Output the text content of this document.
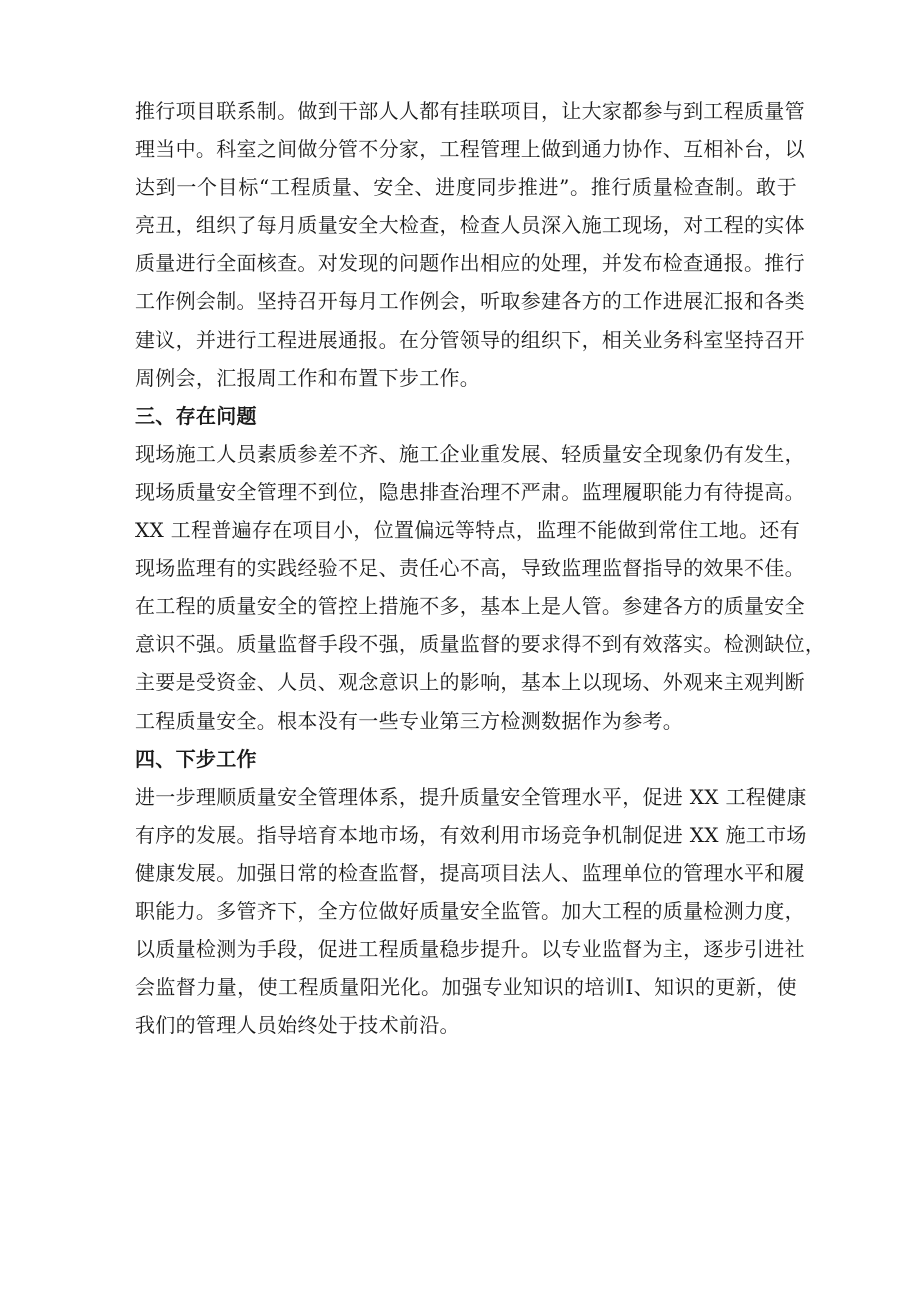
推行项目联系制。做到干部人人都有挂联项目，让大家都参与到工程质量管
理当中。科室之间做分管不分家，工程管理上做到通力协作、互相补台，以
达到一个目标“工程质量、安全、进度同步推进”。推行质量检查制。敢于
亮丑，组织了每月质量安全大检查，检查人员深入施工现场，对工程的实体
质量进行全面核查。对发现的问题作出相应的处理，并发布检查通报。推行
工作例会制。坚持召开每月工作例会，听取参建各方的工作进展汇报和各类
建议，并进行工程进展通报。在分管领导的组织下，相关业务科室坚持召开
周例会，汇报周工作和布置下步工作。

三、存在问题

现场施工人员素质参差不齐、施工企业重发展、轻质量安全现象仍有发生，
现场质量安全管理不到位，隐患排查治理不严肃。监理履职能力有待提高。
XX 工程普遍存在项目小，位置偏远等特点，监理不能做到常住工地。还有
现场监理有的实践经验不足、责任心不高，导致监理监督指导的效果不佳。
在工程的质量安全的管控上措施不多，基本上是人管。参建各方的质量安全
意识不强。质量监督手段不强，质量监督的要求得不到有效落实。检测缺位，
主要是受资金、人员、观念意识上的影响，基本上以现场、外观来主观判断
工程质量安全。根本没有一些专业第三方检测数据作为参考。

四、下步工作

进一步理顺质量安全管理体系，提升质量安全管理水平，促进 XX 工程健康
有序的发展。指导培育本地市场，有效利用市场竞争机制促进 XX 施工市场
健康发展。加强日常的检查监督，提高项目法人、监理单位的管理水平和履
职能力。多管齐下，全方位做好质量安全监管。加大工程的质量检测力度，
以质量检测为手段，促进工程质量稳步提升。以专业监督为主，逐步引进社
会监督力量，使工程质量阳光化。加强专业知识的培训Ⅰ、知识的更新，使
我们的管理人员始终处于技术前沿。
